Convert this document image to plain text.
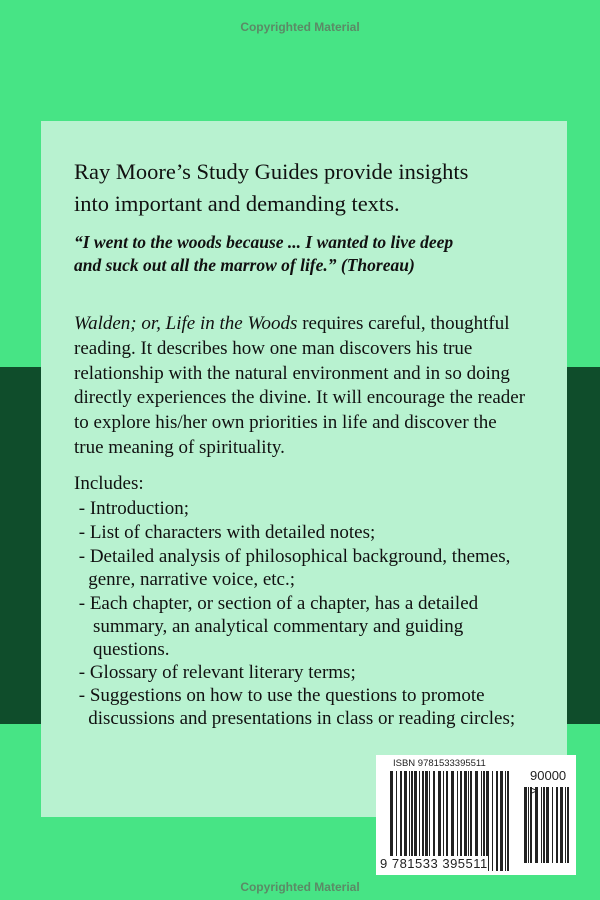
Copyrighted Material
Ray Moore’s Study Guides provide insights
into important and demanding texts.
“I went to the woods because ... I wanted to live deep
and suck out all the marrow of life.” (Thoreau)
Walden; or, Life in the Woods requires careful, thoughtful
reading. It describes how one man discovers his true
relationship with the natural environment and in so doing
directly experiences the divine. It will encourage the reader
to explore his/her own priorities in life and discover the
true meaning of spirituality.
Includes:
- Introduction;
- List of characters with detailed notes;
- Detailed analysis of philosophical background, themes,
genre, narrative voice, etc.;
- Each chapter, or section of a chapter, has a detailed
summary, an analytical commentary and guiding
questions.
- Glossary of relevant literary terms;
- Suggestions on how to use the questions to promote
discussions and presentations in class or reading circles;
ISBN 9781533395511
90000 >
9 781533 395511
Copyrighted Material
